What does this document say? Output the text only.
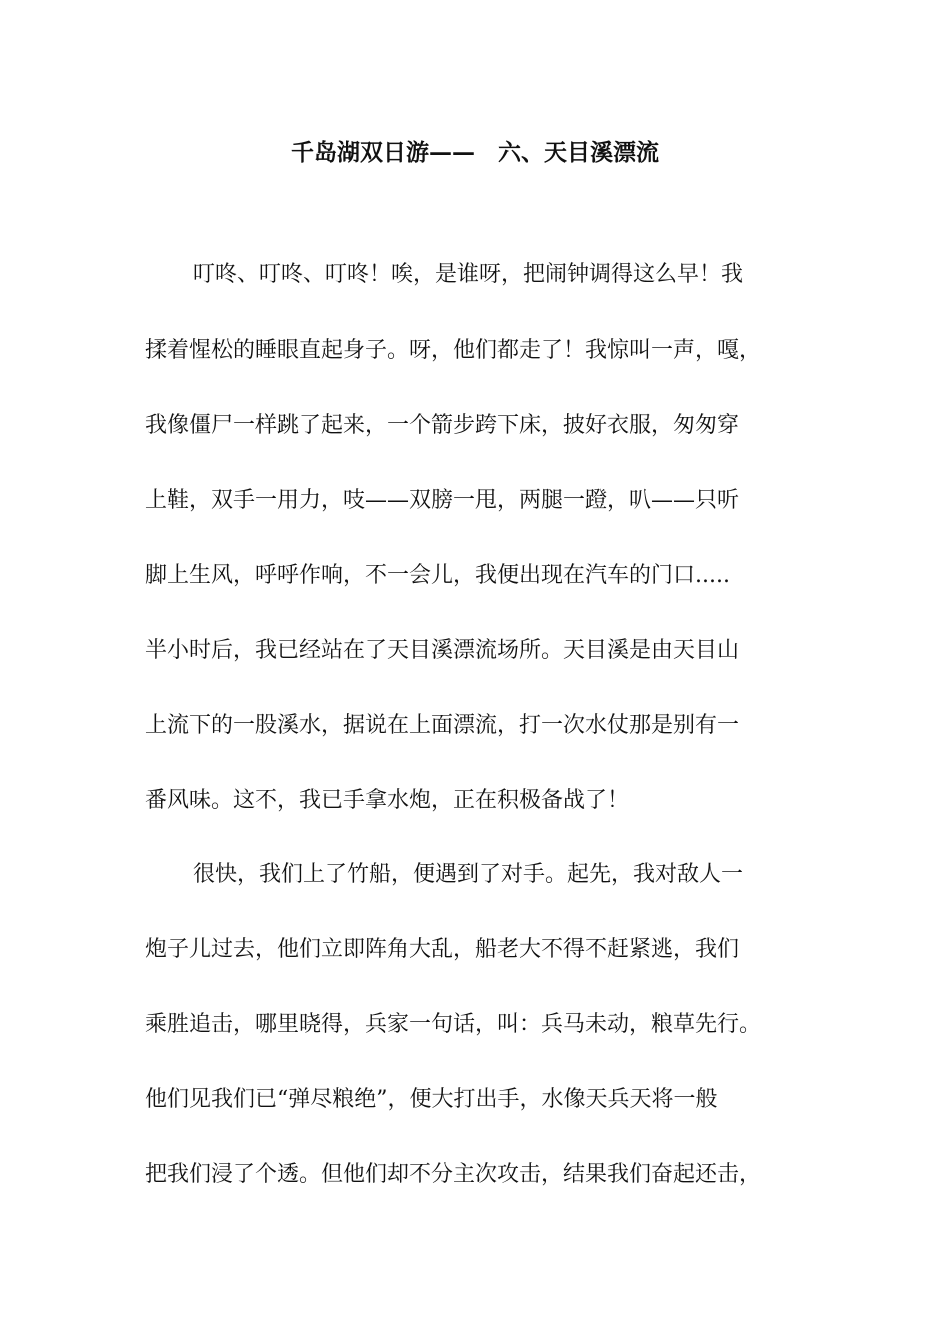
千岛湖双日游——　六、天目溪漂流
叮咚、叮咚、叮咚！唉，是谁呀，把闹钟调得这么早！我
揉着惺松的睡眼直起身子。呀，他们都走了！我惊叫一声，嘎，
我像僵尸一样跳了起来，一个箭步跨下床，披好衣服，匆匆穿
上鞋，双手一用力，吱——双膀一甩，两腿一蹬，叭——只听
脚上生风，呼呼作响，不一会儿，我便出现在汽车的门口.....
半小时后，我已经站在了天目溪漂流场所。天目溪是由天目山
上流下的一股溪水，据说在上面漂流，打一次水仗那是别有一
番风味。这不，我已手拿水炮，正在积极备战了！
很快，我们上了竹船，便遇到了对手。起先，我对敌人一
炮子儿过去，他们立即阵角大乱，船老大不得不赶紧逃，我们
乘胜追击，哪里晓得，兵家一句话，叫：兵马未动，粮草先行。
他们见我们已“弹尽粮绝”，便大打出手，水像天兵天将一般
把我们浸了个透。但他们却不分主次攻击，结果我们奋起还击，
